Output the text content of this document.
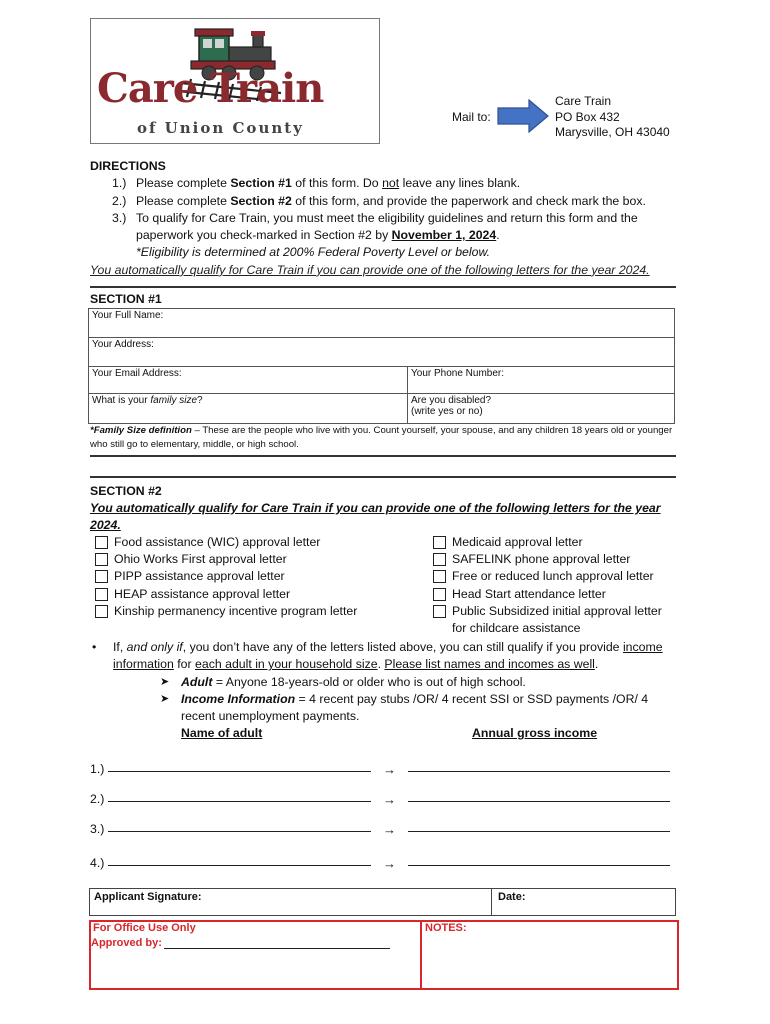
Care Train
of Union County
Mail to:
Care Train
PO Box 432
Marysville, OH 43040
DIRECTIONS
1.) Please complete Section #1 of this form. Do not leave any lines blank.
2.) Please complete Section #2 of this form, and provide the paperwork and check mark the box.
3.) To qualify for Care Train, you must meet the eligibility guidelines and return this form and the paperwork you check-marked in Section #2 by November 1, 2024.
*Eligibility is determined at 200% Federal Poverty Level or below.
You automatically qualify for Care Train if you can provide one of the following letters for the year 2024.
SECTION #1
Your Full Name:	
Your Address:	
Your Email Address:	Your Phone Number:
What is your family size?	Are you disabled?
(write yes or no)
*Family Size definition – These are the people who live with you. Count yourself, your spouse, and any children 18 years old or younger who still go to elementary, middle, or high school.
SECTION #2
You automatically qualify for Care Train if you can provide one of the following letters for the year 2024.
Food assistance (WIC) approval letter
Ohio Works First approval letter
PIPP assistance approval letter
HEAP assistance approval letter
Kinship permanency incentive program letter
Medicaid approval letter
SAFELINK phone approval letter
Free or reduced lunch approval letter
Head Start attendance letter
Public Subsidized initial approval letter for childcare assistance
• If, and only if, you don’t have any of the letters listed above, you can still qualify if you provide income information for each adult in your household size. Please list names and incomes as well.
➤ Adult = Anyone 18-years-old or older who is out of high school.
➤ Income Information = 4 recent pay stubs /OR/ 4 recent SSI or SSD payments /OR/ 4 recent unemployment payments.
Name of adult	Annual gross income
1.)	→
2.)	→
3.)	→
4.)	→
Applicant Signature:	Date:
For Office Use Only
Approved by:
NOTES:
